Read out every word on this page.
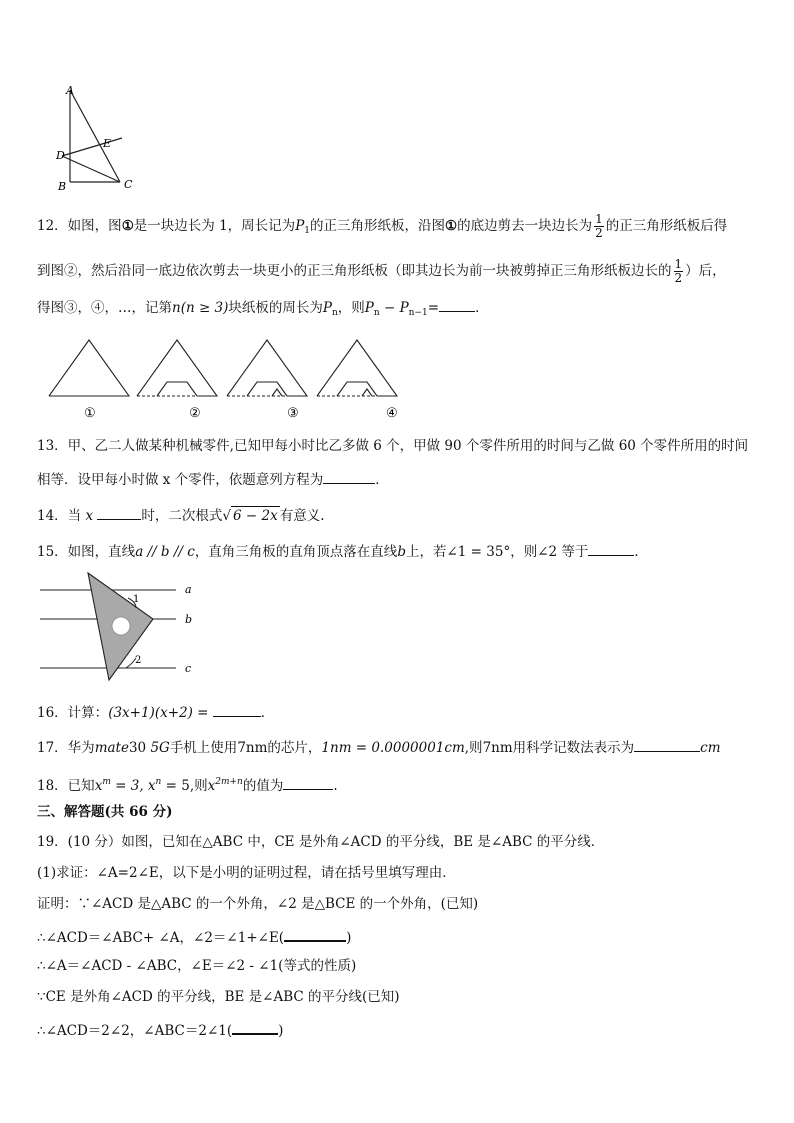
A
D
E
B	C
12．如图，图①是一块边长为 1，周长记为$P_1$的正三角形纸板，沿图①的底边剪去一块边长为 $\frac{1}{2}$ 的正三角形纸板后得
到图②，然后沿同一底边依次剪去一块更小的正三角形纸板（即其边长为前一块被剪掉正三角形纸板边长的 $\frac{1}{2}$ ）后，
得图③，④，…，记第n(n ≥ 3)块纸板的周长为$P_n$，则$P_n - P_{n-1}=$	．
①	②	③	④
13．甲、乙二人做某种机械零件,已知甲每小时比乙多做 6 个，甲做 90 个零件所用的时间与乙做 60 个零件所用的时间
相等．设甲每小时做 x 个零件，依题意列方程为	．
14．当 x	时，二次根式√ 6 − 2x 有意义.
15．如图，直线a // b // c，直角三角板的直角顶点落在直线b上，若∠1 = 35°，则∠2 等于	．
a
b
c
1
2
16．计算：(3x+1)(x+2) =	．
17．华为mate30 5G手机上使用7nm的芯片，1nm = 0.0000001cm,则7nm用科学记数法表示为	cm
18．已知$x^m = 3$, $x^n = 5$,则$x^{2m+n}$的值为	.
三、解答题(共 66 分)
19．(10 分）如图，已知在△ABC 中，CE 是外角∠ACD 的平分线，BE 是∠ABC 的平分线．
(1)求证：∠A=2∠E，以下是小明的证明过程，请在括号里填写理由．
证明：∵∠ACD 是△ABC 的一个外角，∠2 是△BCE 的一个外角，(已知)
∴∠ACD＝∠ABC+ ∠A，∠2＝∠1+∠E(	)
∴∠A＝∠ACD - ∠ABC，∠E＝∠2 - ∠1(等式的性质)
∵CE 是外角∠ACD 的平分线，BE 是∠ABC 的平分线(已知)
∴∠ACD＝2∠2，∠ABC＝2∠1(	)
